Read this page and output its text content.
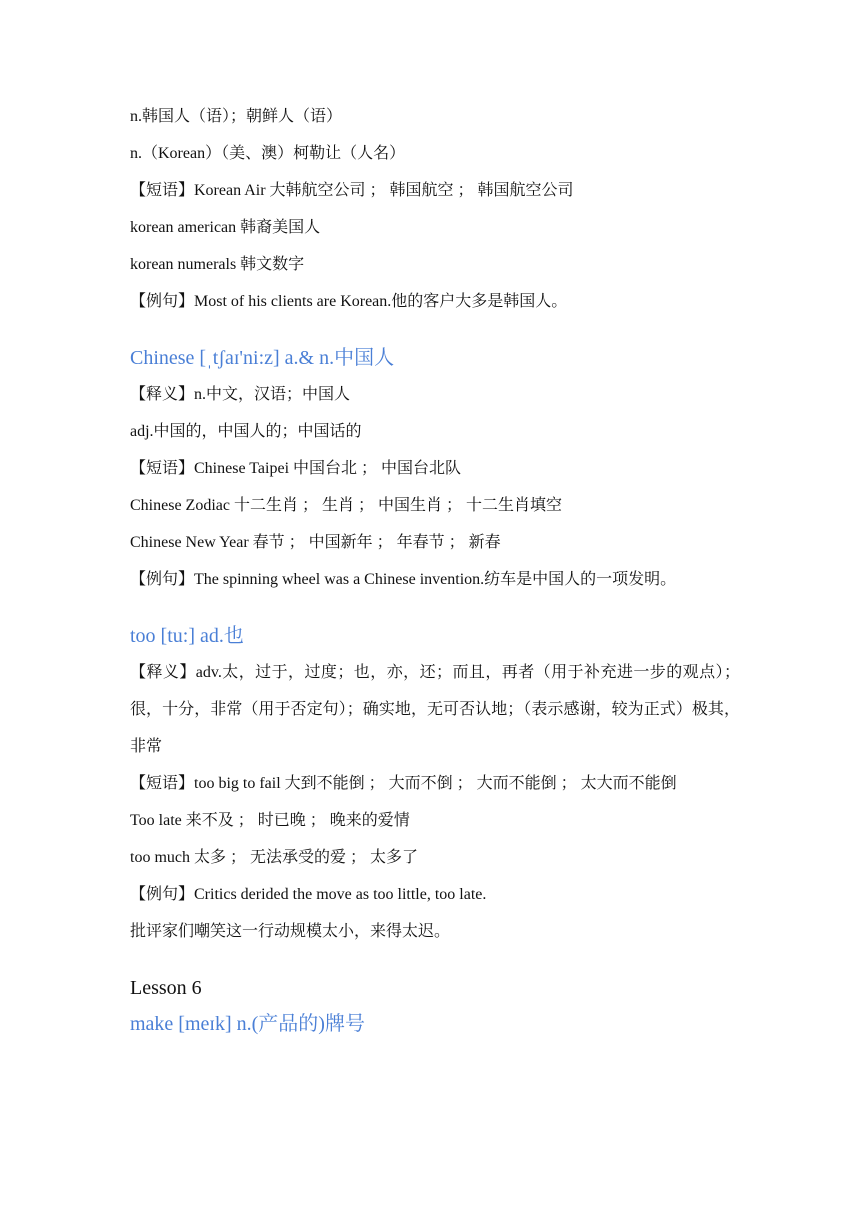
n.韩国人（语）；朝鲜人（语）
n.（Korean）（美、澳）柯勒让（人名）
【短语】Korean Air 大韩航空公司 ； 韩国航空 ； 韩国航空公司
korean american 韩裔美国人
korean numerals 韩文数字
【例句】Most of his clients are Korean.他的客户大多是韩国人。
Chinese [ˌtʃaɪ'ni:z] a.& n.中国人
【释义】n.中文，汉语；中国人
adj.中国的，中国人的；中国话的
【短语】Chinese Taipei 中国台北 ； 中国台北队
Chinese Zodiac 十二生肖 ； 生肖 ； 中国生肖 ； 十二生肖填空
Chinese New Year 春节 ； 中国新年 ； 年春节 ； 新春
【例句】The spinning wheel was a Chinese invention.纺车是中国人的一项发明。
too [tu:] ad.也
【释义】adv.太，过于，过度；也，亦，还；而且，再者（用于补充进一步的观点）；很，十分，非常（用于否定句）；确实地，无可否认地；（表示感谢，较为正式）极其，非常
【短语】too big to fail 大到不能倒 ； 大而不倒 ； 大而不能倒 ； 太大而不能倒
Too late 来不及 ； 时已晚 ； 晚来的爱情
too much 太多 ； 无法承受的爱 ； 太多了
【例句】Critics derided the move as too little, too late.
批评家们嘲笑这一行动规模太小，来得太迟。
Lesson 6
make [meɪk] n.(产品的)牌号
